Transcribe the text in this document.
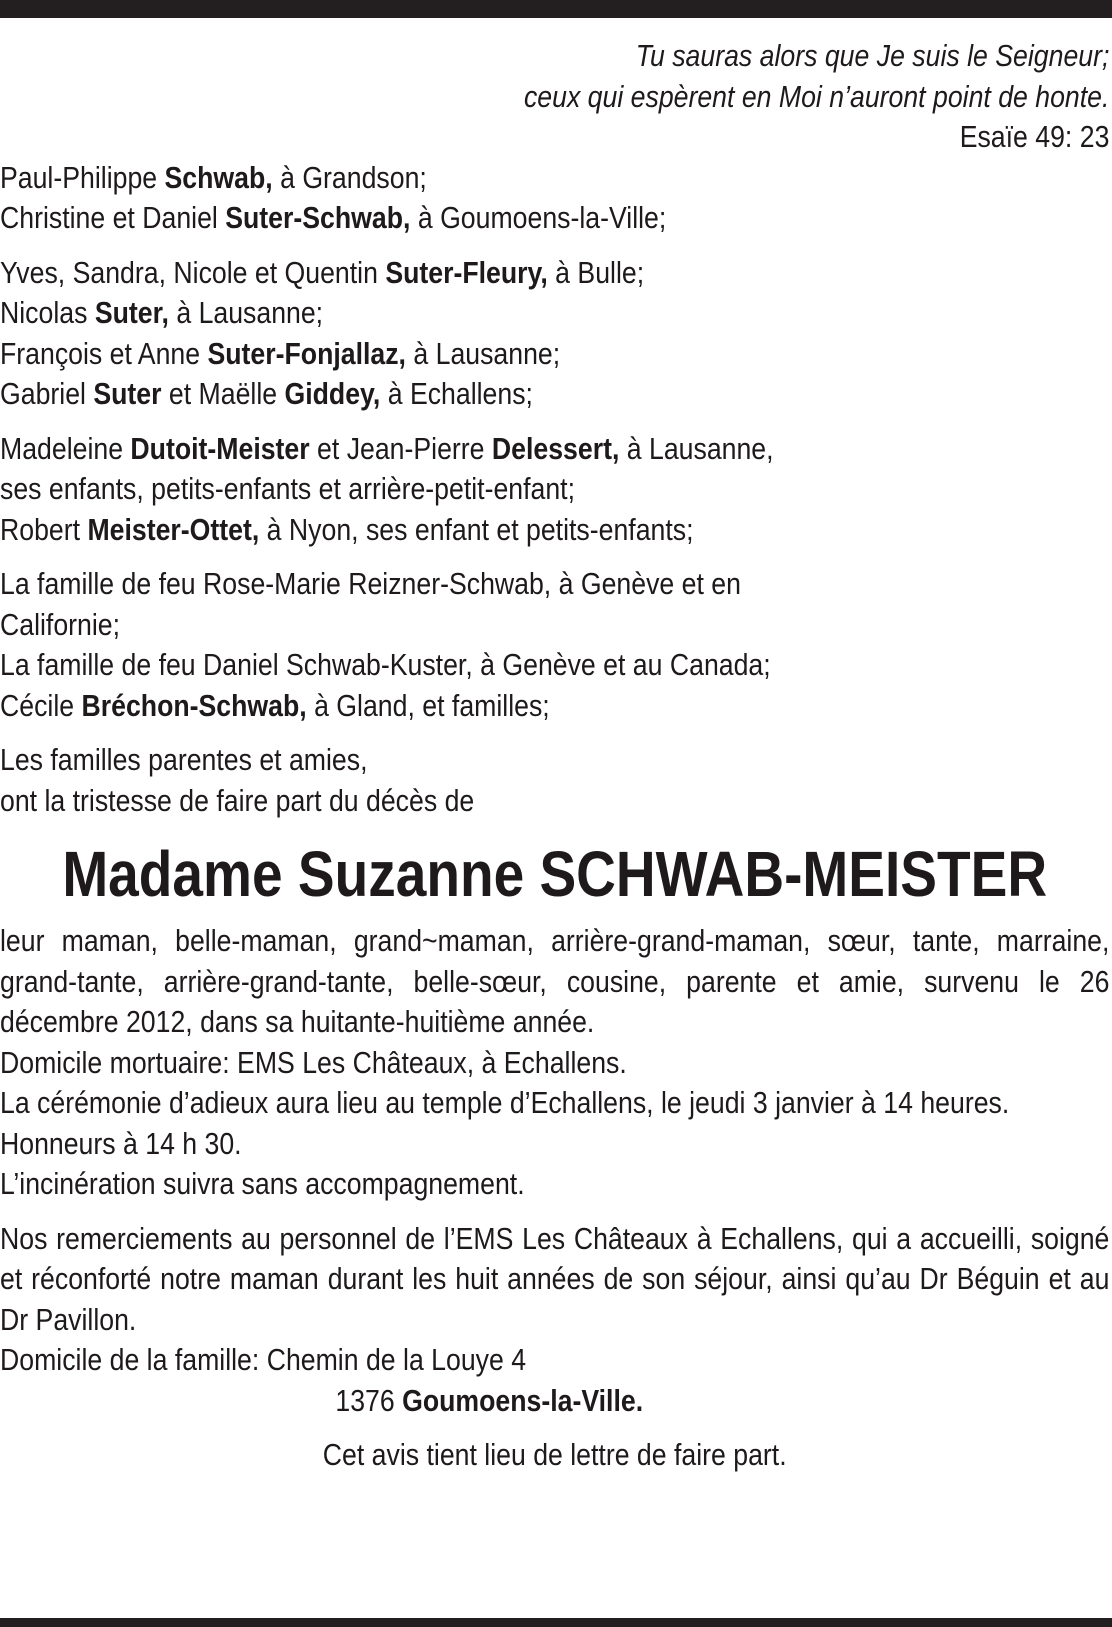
Tu sauras alors que Je suis le Seigneur;
ceux qui espèrent en Moi n’auront point de honte.
Esaïe 49: 23
Paul-Philippe Schwab, à Grandson;
Christine et Daniel Suter-Schwab, à Goumoens-la-Ville;
Yves, Sandra, Nicole et Quentin Suter-Fleury, à Bulle;
Nicolas Suter, à Lausanne;
François et Anne Suter-Fonjallaz, à Lausanne;
Gabriel Suter et Maëlle Giddey, à Echallens;
Madeleine Dutoit-Meister et Jean-Pierre Delessert, à Lausanne,
ses enfants, petits-enfants et arrière-petit-enfant;
Robert Meister-Ottet, à Nyon, ses enfant et petits-enfants;
La famille de feu Rose-Marie Reizner-Schwab, à Genève et en
Californie;
La famille de feu Daniel Schwab-Kuster, à Genève et au Canada;
Cécile Bréchon-Schwab, à Gland, et familles;
Les familles parentes et amies,
ont la tristesse de faire part du décès de
Madame Suzanne SCHWAB-MEISTER
leur maman, belle-maman, grand~maman, arrière-grand-maman, sœur, tante, marraine, grand-tante, arrière-grand-tante, belle-sœur, cousine, parente et amie, survenu le 26 décembre 2012, dans sa huitante-huitième année.
Domicile mortuaire: EMS Les Châteaux, à Echallens.
La cérémonie d’adieux aura lieu au temple d’Echallens, le jeudi 3 janvier à 14 heures.
Honneurs à 14 h 30.
L’incinération suivra sans accompagnement.
Nos remerciements au personnel de l’EMS Les Châteaux à Echallens, qui a accueilli, soigné et réconforté notre maman durant les huit années de son séjour, ainsi qu’au Dr Béguin et au Dr Pavillon.
Domicile de la famille: Chemin de la Louye 4
1376 Goumoens-la-Ville.
Cet avis tient lieu de lettre de faire part.
